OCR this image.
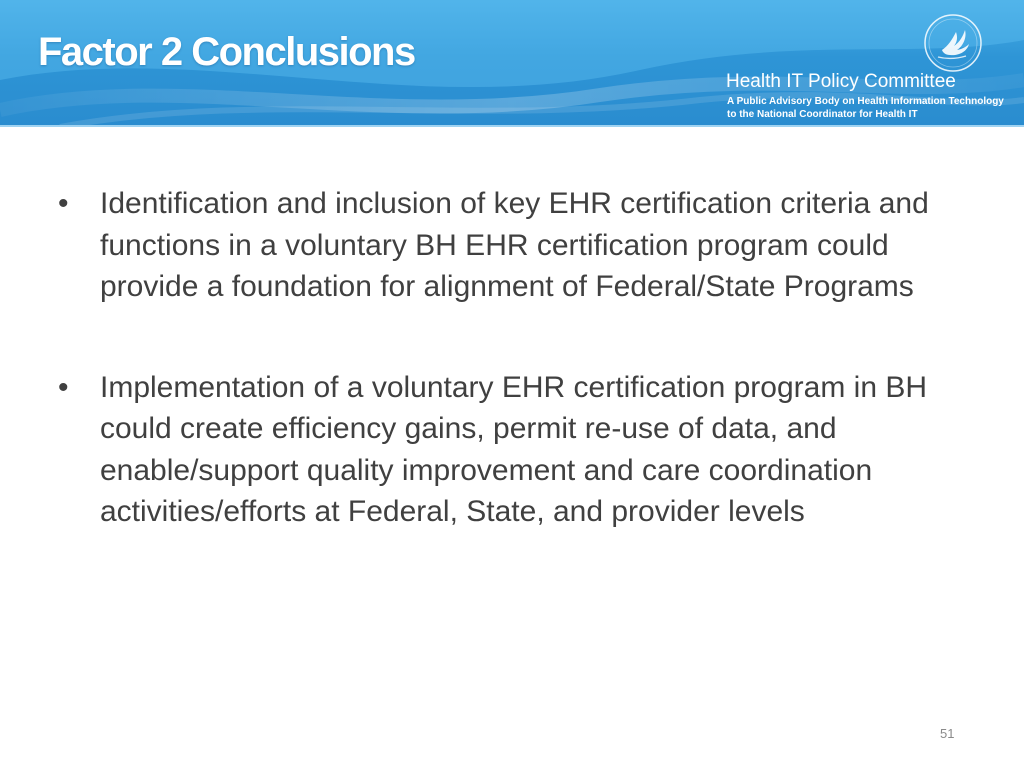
Factor 2 Conclusions
Health IT Policy Committee
A Public Advisory Body on Health Information Technology
to the National Coordinator for Health IT
• Identification and inclusion of key EHR certification criteria and functions in a voluntary BH EHR certification program could provide a foundation for alignment of Federal/State Programs
• Implementation of a voluntary EHR certification program in BH could create efficiency gains, permit re-use of data, and enable/support quality improvement and care coordination activities/efforts at Federal, State, and provider levels
51
